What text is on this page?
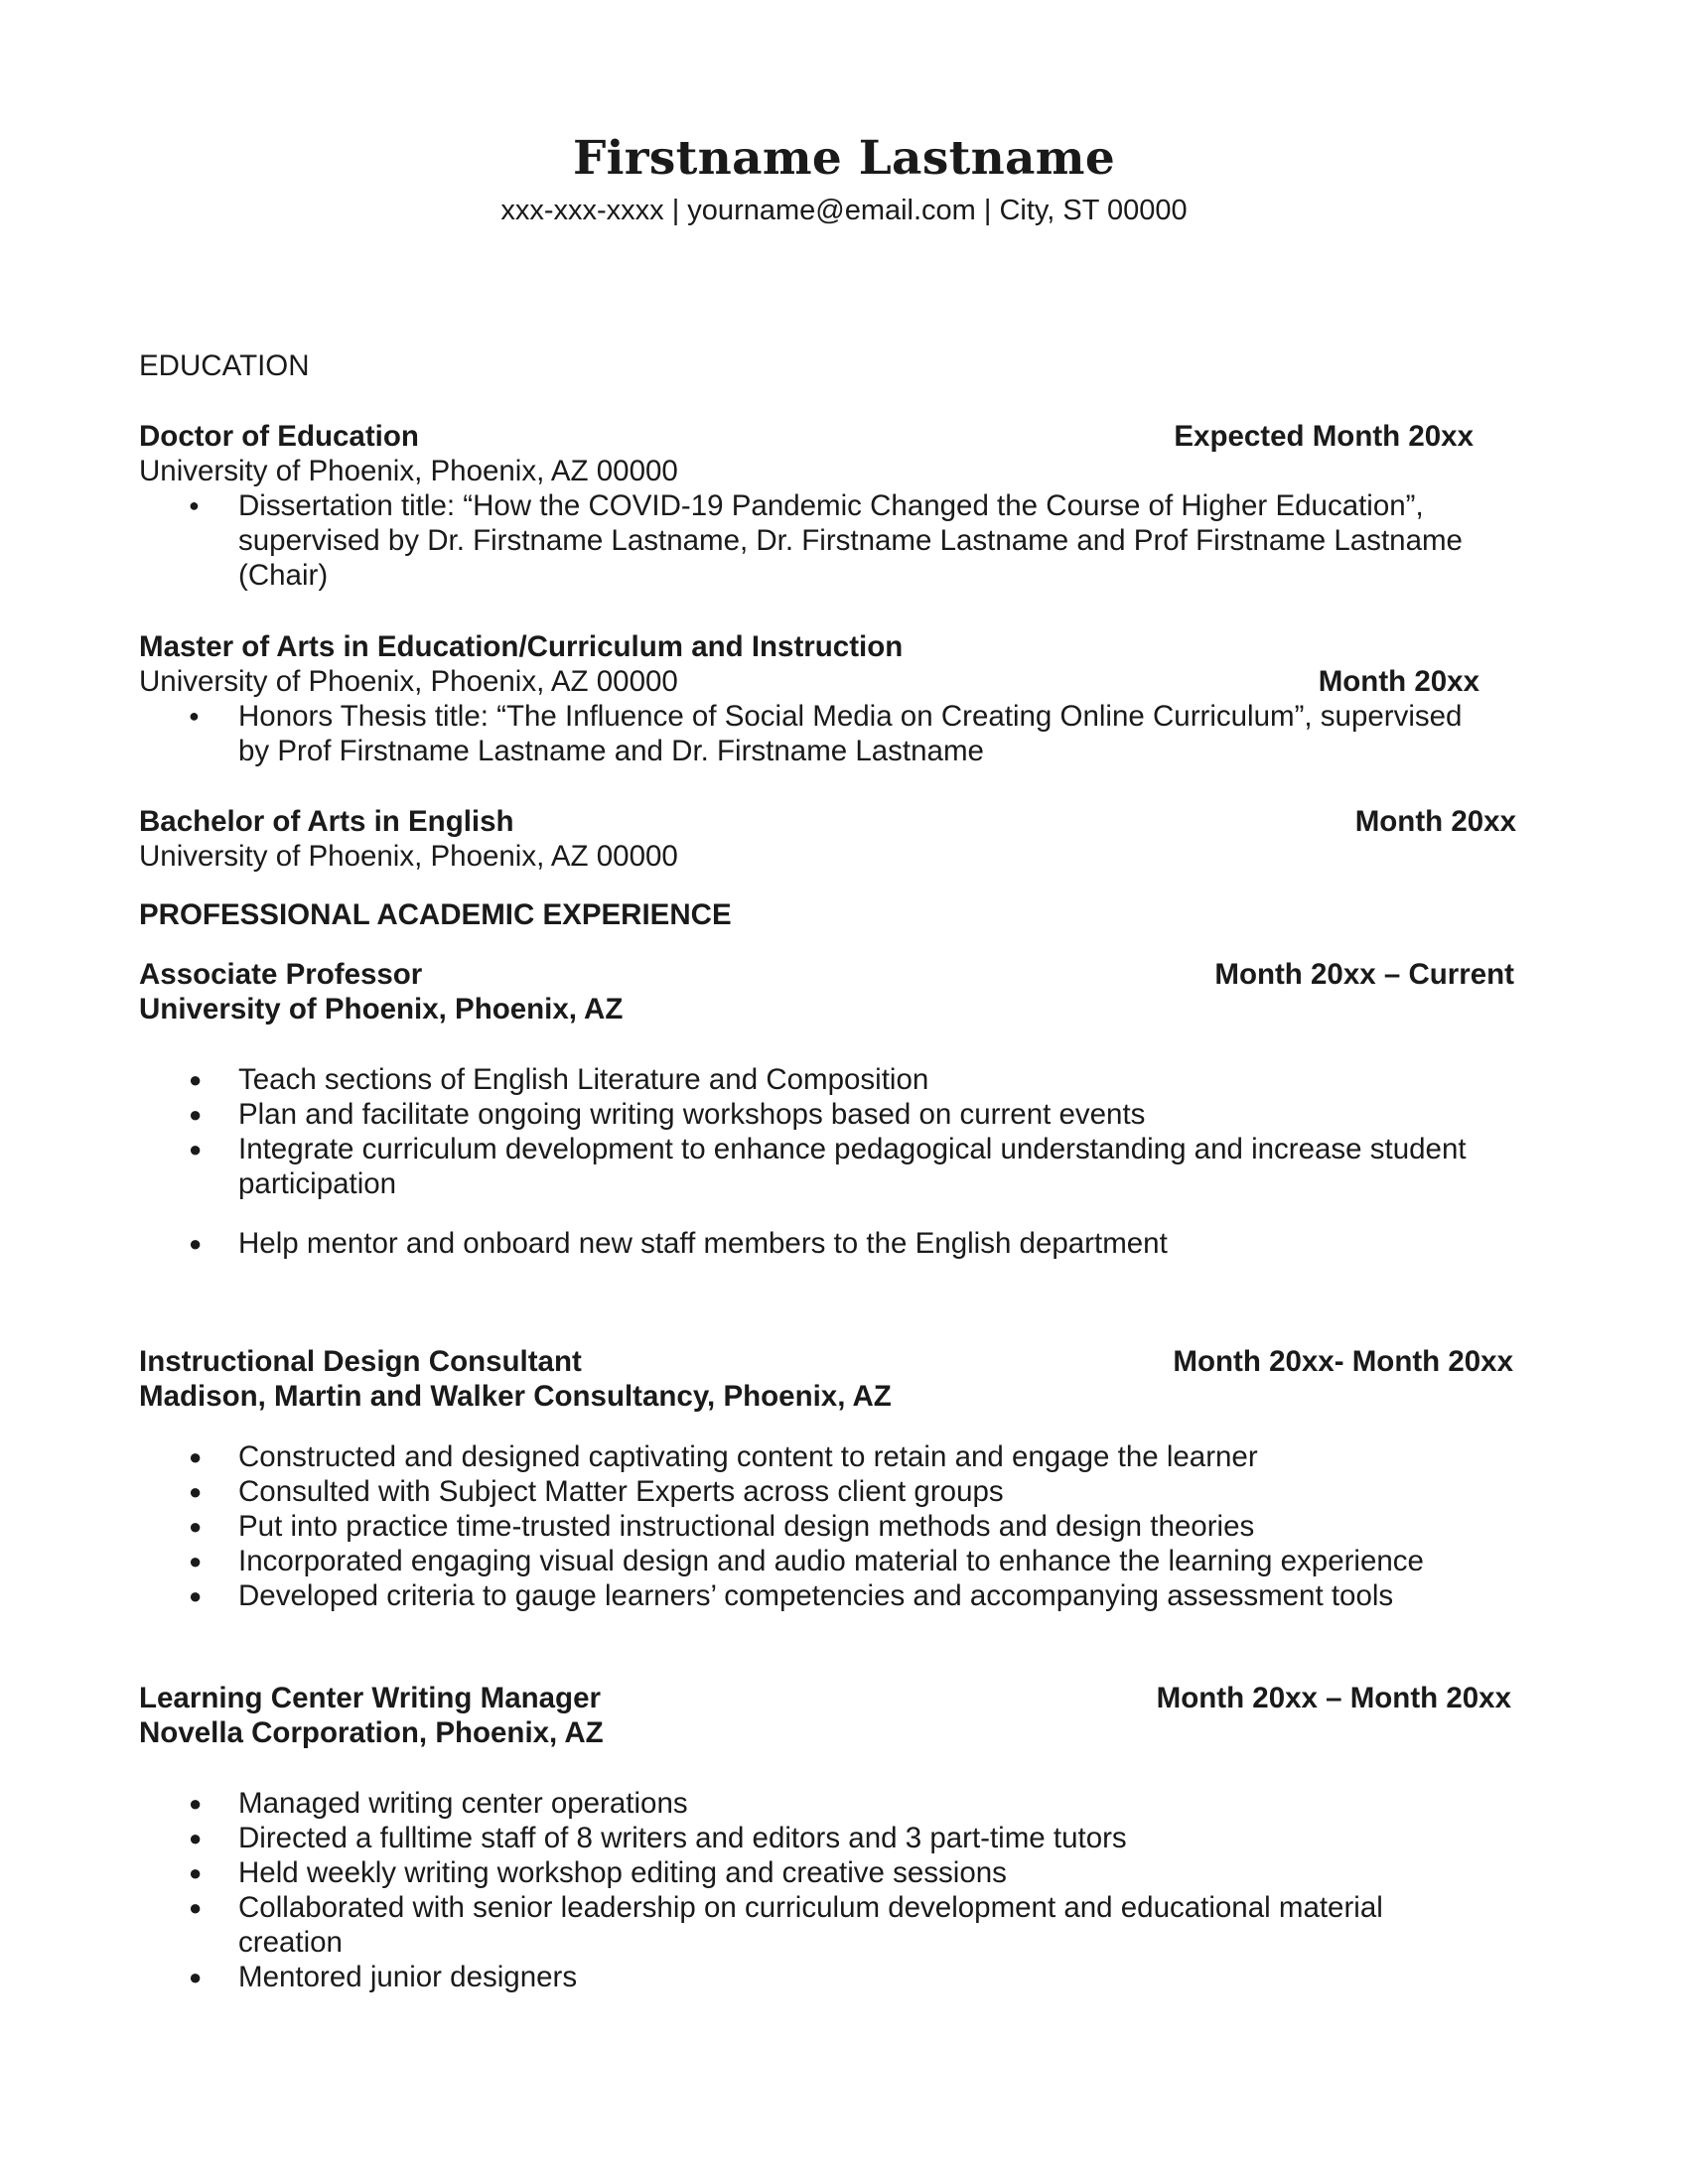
Firstname Lastname
xxx-xxx-xxxx | yourname@email.com | City, ST 00000
EDUCATION
Doctor of Education	Expected Month 20xx
University of Phoenix, Phoenix, AZ 00000
● Dissertation title: “How the COVID-19 Pandemic Changed the Course of Higher Education”,
supervised by Dr. Firstname Lastname, Dr. Firstname Lastname and Prof Firstname Lastname
(Chair)
Master of Arts in Education/Curriculum and Instruction
University of Phoenix, Phoenix, AZ 00000	Month 20xx
● Honors Thesis title: “The Influence of Social Media on Creating Online Curriculum”, supervised
by Prof Firstname Lastname and Dr. Firstname Lastname
Bachelor of Arts in English	Month 20xx
University of Phoenix, Phoenix, AZ 00000
PROFESSIONAL ACADEMIC EXPERIENCE
Associate Professor	Month 20xx – Current
University of Phoenix, Phoenix, AZ
● Teach sections of English Literature and Composition
● Plan and facilitate ongoing writing workshops based on current events
● Integrate curriculum development to enhance pedagogical understanding and increase student
participation
● Help mentor and onboard new staff members to the English department
Instructional Design Consultant	Month 20xx- Month 20xx
Madison, Martin and Walker Consultancy, Phoenix, AZ
● Constructed and designed captivating content to retain and engage the learner
● Consulted with Subject Matter Experts across client groups
● Put into practice time-trusted instructional design methods and design theories
● Incorporated engaging visual design and audio material to enhance the learning experience
● Developed criteria to gauge learners’ competencies and accompanying assessment tools
Learning Center Writing Manager	Month 20xx – Month 20xx
Novella Corporation, Phoenix, AZ
● Managed writing center operations
● Directed a fulltime staff of 8 writers and editors and 3 part-time tutors
● Held weekly writing workshop editing and creative sessions
● Collaborated with senior leadership on curriculum development and educational material
creation
● Mentored junior designers
